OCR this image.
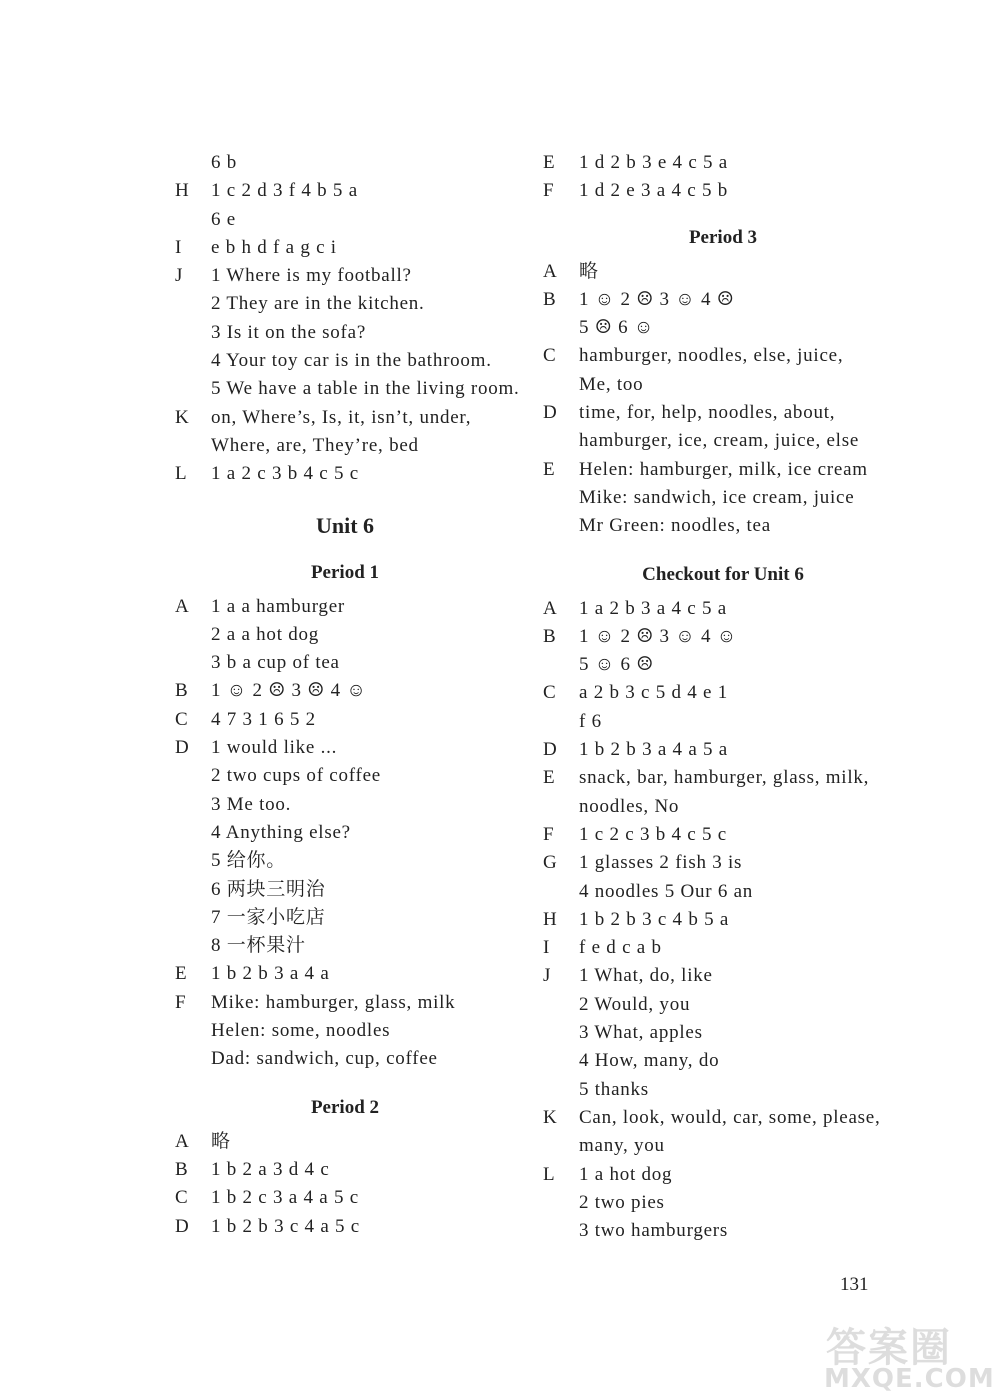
6 b
H	1 c 2 d 3 f 4 b 5 a
6 e
I	e b h d f a g c i
J	1 Where is my football?
2 They are in the kitchen.
3 Is it on the sofa?
4 Your toy car is in the bathroom.
5 We have a table in the living room.
K	on, Where’s, Is, it, isn’t, under,
Where, are, They’re, bed
L	1 a 2 c 3 b 4 c 5 c
Unit 6
Period 1
A	1 a a hamburger
2 a a hot dog
3 b a cup of tea
B	1 ☺ 2 ☹ 3 ☹ 4 ☺
C	4 7 3 1 6 5 2
D	1 would like ...
2 two cups of coffee
3 Me too.
4 Anything else?
5 给你。
6 两块三明治
7 一家小吃店
8 一杯果汁
E	1 b 2 b 3 a 4 a
F	Mike: hamburger, glass, milk
Helen: some, noodles
Dad: sandwich, cup, coffee
Period 2
A	略
B	1 b 2 a 3 d 4 c
C	1 b 2 c 3 a 4 a 5 c
D	1 b 2 b 3 c 4 a 5 c
E	1 d 2 b 3 e 4 c 5 a
F	1 d 2 e 3 a 4 c 5 b
Period 3
A	略
B	1 ☺ 2 ☹ 3 ☺ 4 ☹
5 ☹ 6 ☺
C	hamburger, noodles, else, juice,
Me, too
D	time, for, help, noodles, about,
hamburger, ice, cream, juice, else
E	Helen: hamburger, milk, ice cream
Mike: sandwich, ice cream, juice
Mr Green: noodles, tea
Checkout for Unit 6
A	1 a 2 b 3 a 4 c 5 a
B	1 ☺ 2 ☹ 3 ☺ 4 ☺
5 ☺ 6 ☹
C	a 2 b 3 c 5 d 4 e 1
f 6
D	1 b 2 b 3 a 4 a 5 a
E	snack, bar, hamburger, glass, milk,
noodles, No
F	1 c 2 c 3 b 4 c 5 c
G	1 glasses 2 fish 3 is
4 noodles 5 Our 6 an
H	1 b 2 b 3 c 4 b 5 a
I	f e d c a b
J	1 What, do, like
2 Would, you
3 What, apples
4 How, many, do
5 thanks
K	Can, look, would, car, some, please,
many, you
L	1 a hot dog
2 two pies
3 two hamburgers
131
答案圈
MXQE.COM
